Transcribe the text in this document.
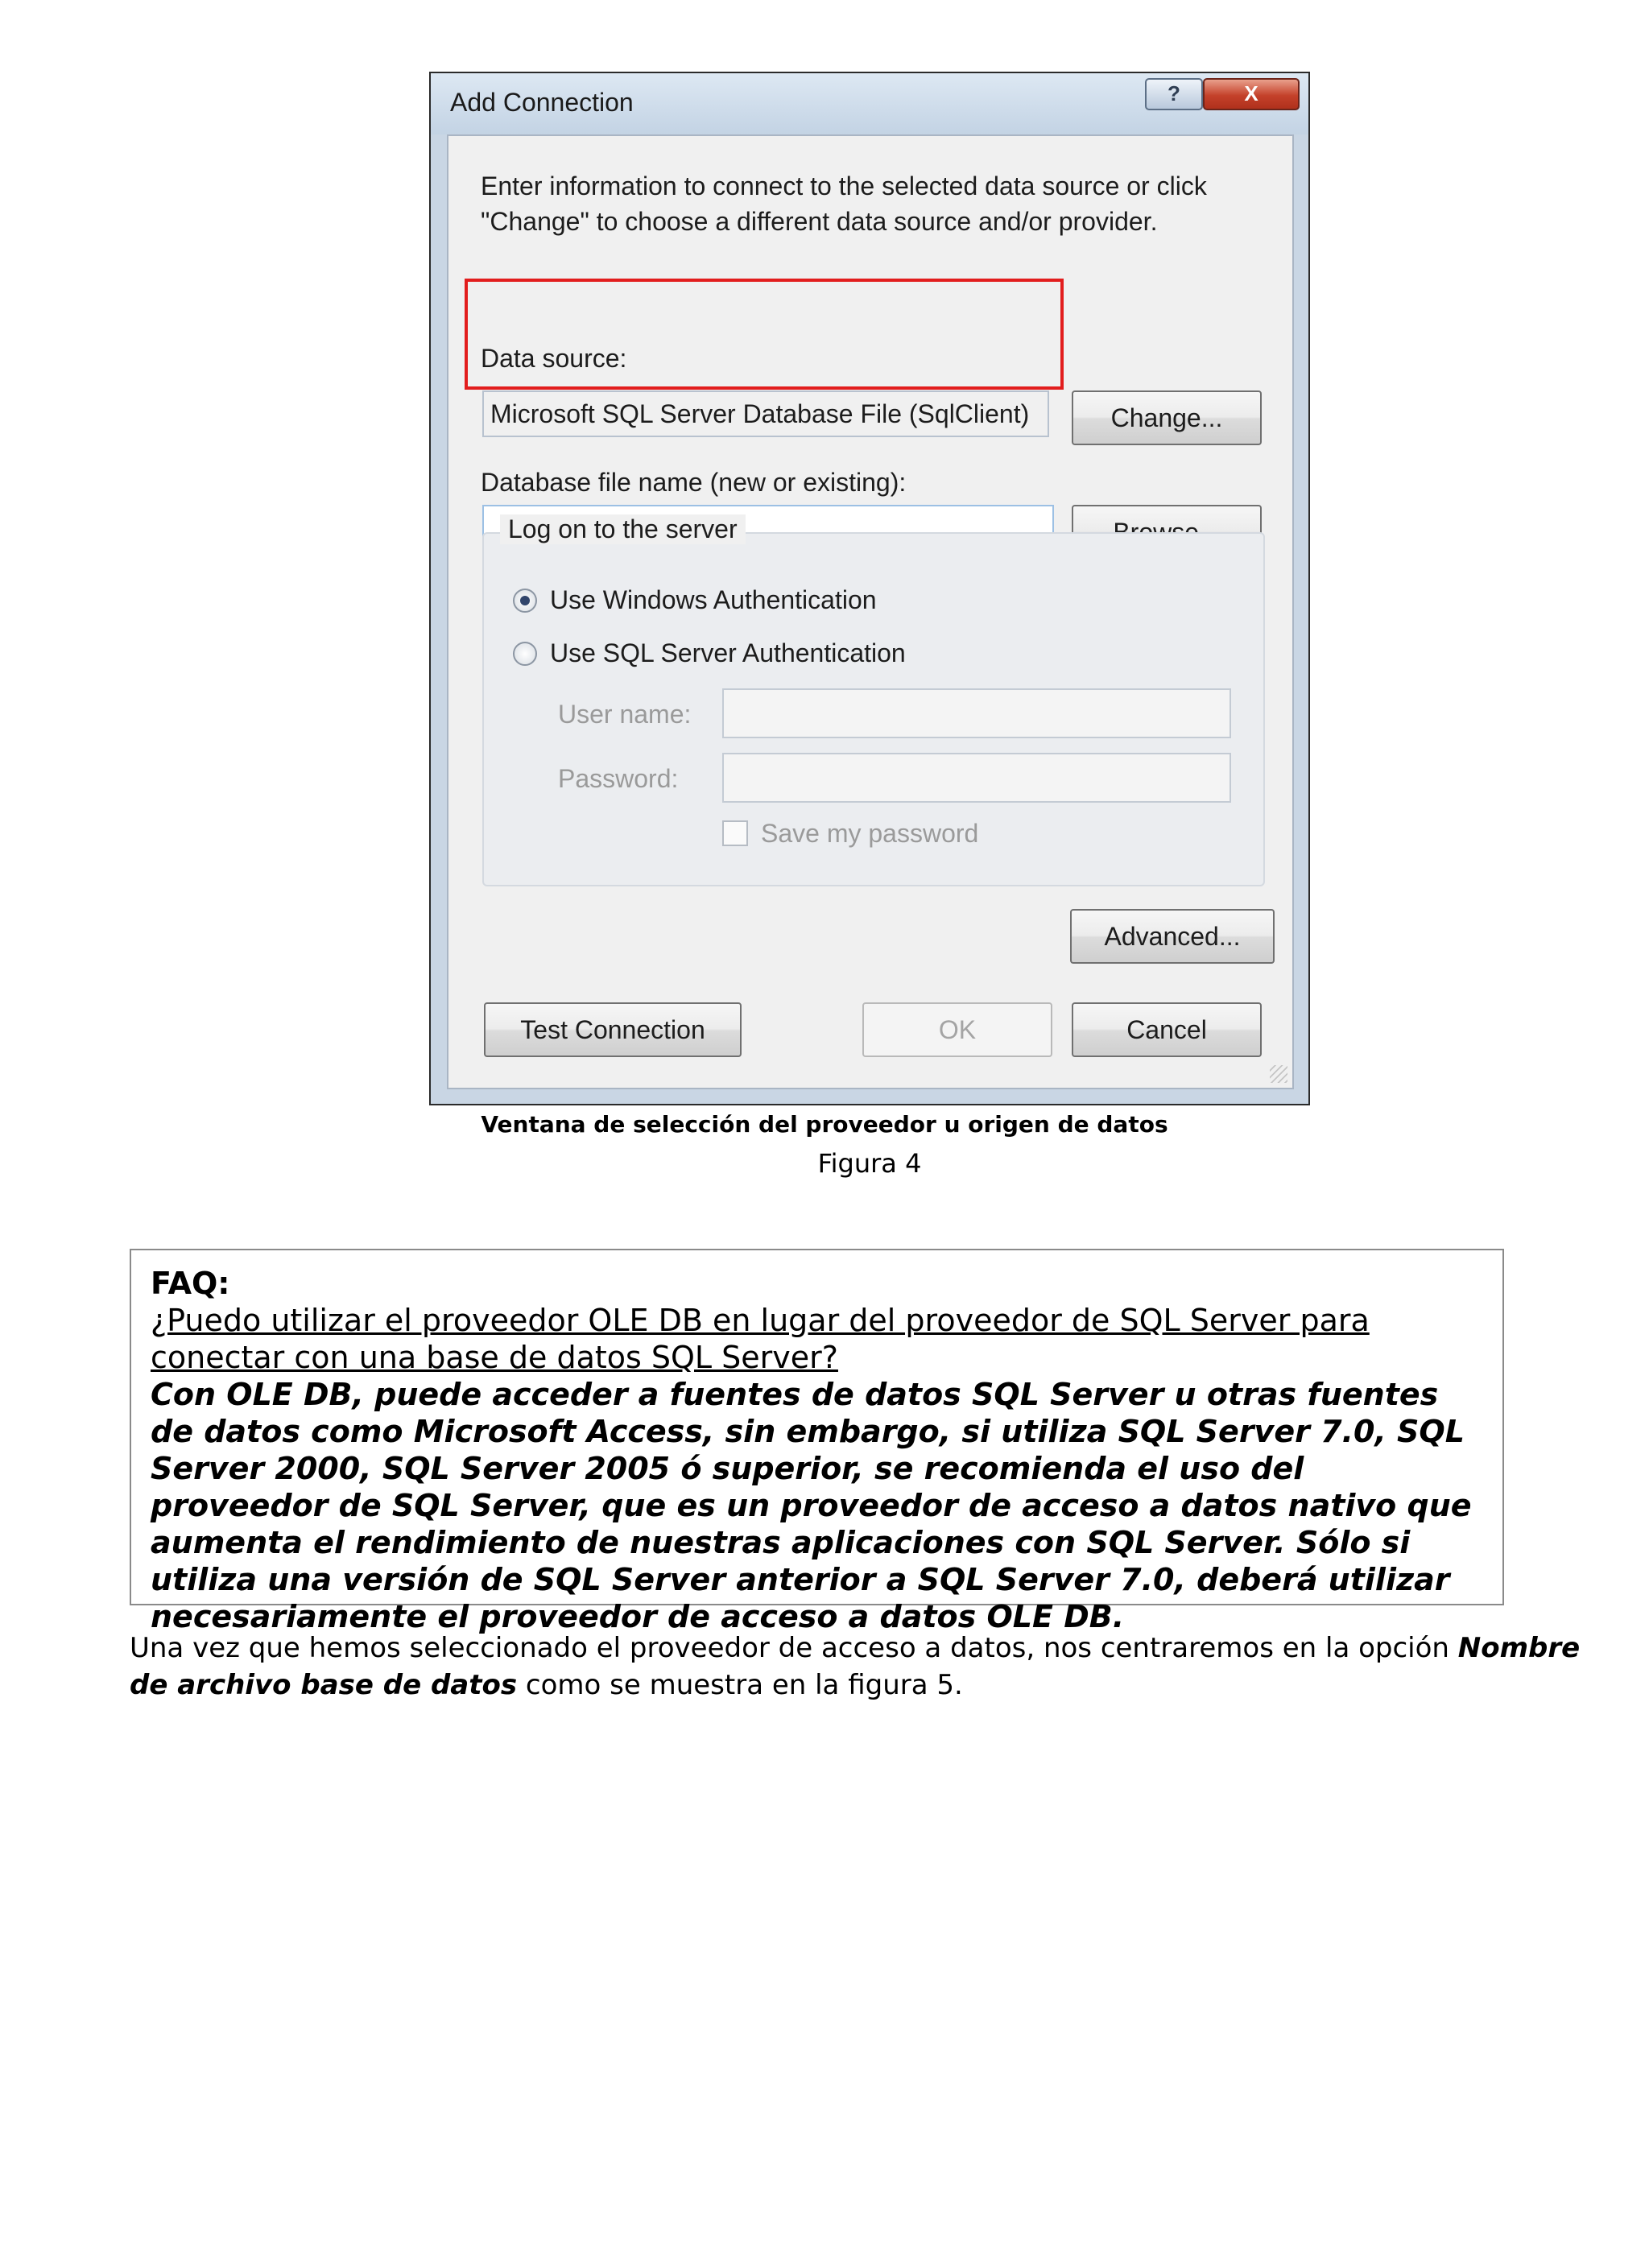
Add Connection	?	X
Enter information to connect to the selected data source or click "Change" to choose a different data source and/or provider.
Data source:
Microsoft SQL Server Database File (SqlClient)	Change...
Database file name (new or existing):
Log on to the server
Use Windows Authentication
Use SQL Server Authentication
User name:
Password:
Save my password
Advanced...
Test Connection	OK	Cancel
Ventana de selección del proveedor u origen de datos
Figura 4
FAQ:
¿Puedo utilizar el proveedor OLE DB en lugar del proveedor de SQL Server para conectar con una base de datos SQL Server?
Con OLE DB, puede acceder a fuentes de datos SQL Server u otras fuentes de datos como Microsoft Access, sin embargo, si utiliza SQL Server 7.0, SQL Server 2000, SQL Server 2005 ó superior, se recomienda el uso del proveedor de SQL Server, que es un proveedor de acceso a datos nativo que aumenta el rendimiento de nuestras aplicaciones con SQL Server. Sólo si utiliza una versión de SQL Server anterior a SQL Server 7.0, deberá utilizar necesariamente el proveedor de acceso a datos OLE DB.
Una vez que hemos seleccionado el proveedor de acceso a datos, nos centraremos en la opción Nombre de archivo base de datos como se muestra en la figura 5.
